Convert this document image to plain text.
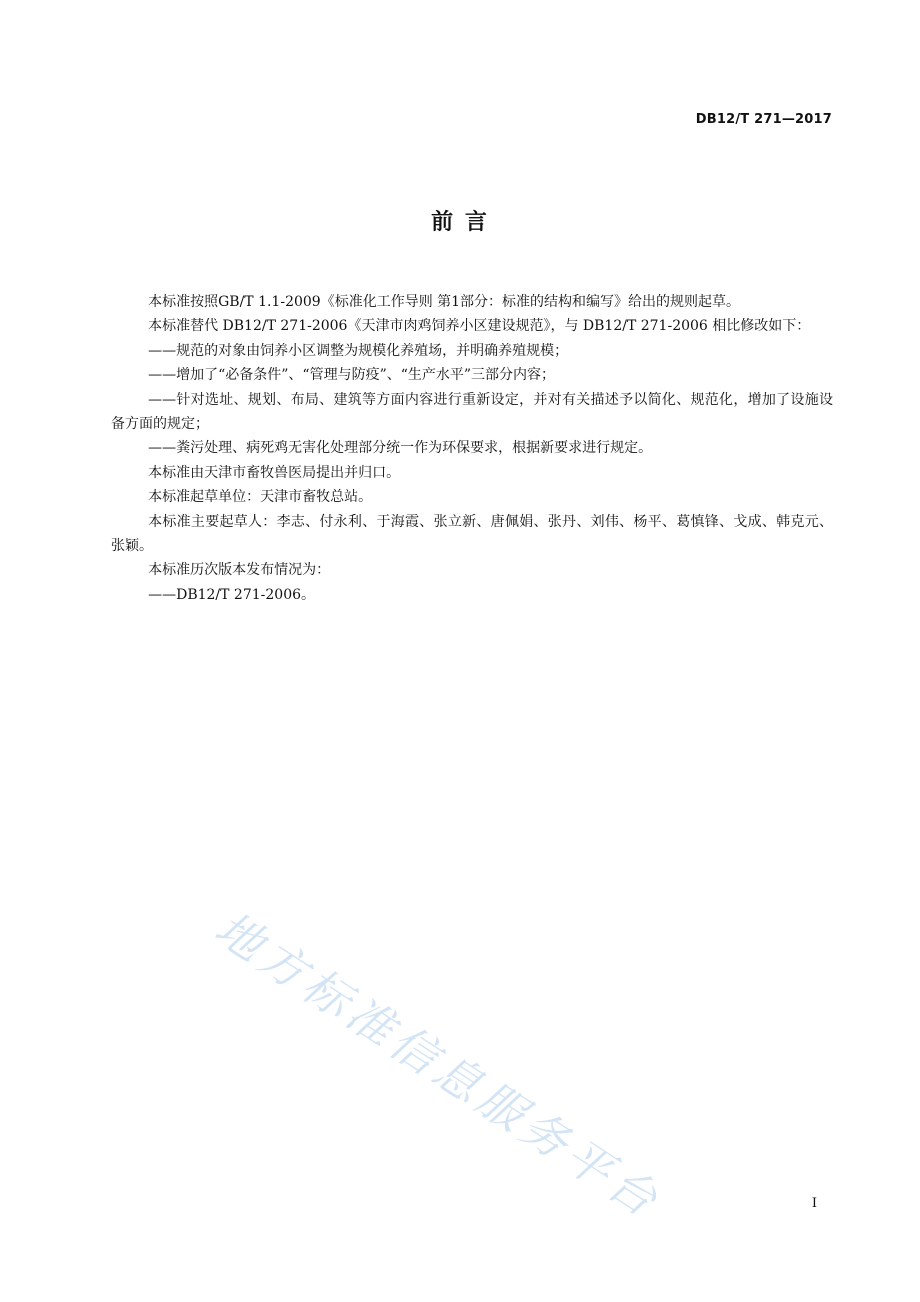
DB12/T 271—2017
前 言

本标准按照GB/T 1.1-2009《标准化工作导则 第1部分：标准的结构和编写》给出的规则起草。

本标准替代 DB12/T 271-2006《天津市肉鸡饲养小区建设规范》，与 DB12/T 271-2006 相比修改如下：

——规范的对象由饲养小区调整为规模化养殖场，并明确养殖规模；

——增加了“必备条件”、“管理与防疫”、“生产水平”三部分内容；

——针对选址、规划、布局、建筑等方面内容进行重新设定，并对有关描述予以简化、规范化，增加了设施设备方面的规定；

——粪污处理、病死鸡无害化处理部分统一作为环保要求，根据新要求进行规定。

本标准由天津市畜牧兽医局提出并归口。

本标准起草单位：天津市畜牧总站。

本标准主要起草人：李志、付永利、于海霞、张立新、唐佩娟、张丹、刘伟、杨平、葛慎锋、戈成、韩克元、张颖。

本标准历次版本发布情况为：

——DB12/T 271-2006。

地方标准信息服务平台	I
